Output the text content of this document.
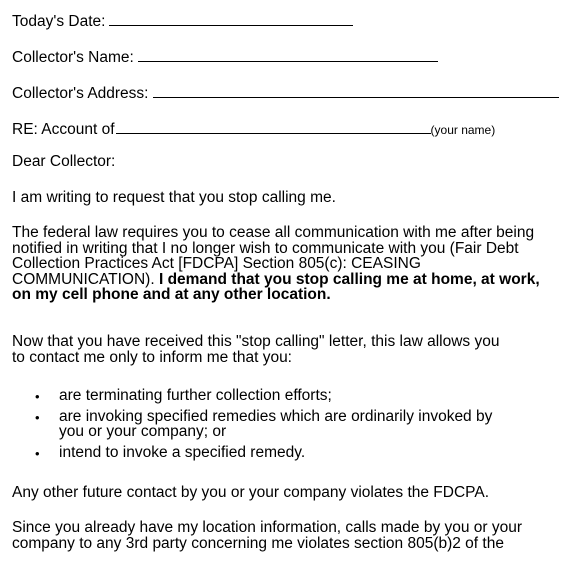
Today's Date:
Collector's Name:
Collector's Address:
RE: Account of	(your name)
Dear Collector:
I am writing to request that you stop calling me.
The federal law requires you to cease all communication with me after being
notified in writing that I no longer wish to communicate with you (Fair Debt
Collection Practices Act [FDCPA] Section 805(c): CEASING
COMMUNICATION). I demand that you stop calling me at home, at work,
on my cell phone and at any other location.
Now that you have received this "stop calling" letter, this law allows you
to contact me only to inform me that you:
• are terminating further collection efforts;
• are invoking specified remedies which are ordinarily invoked by
you or your company; or
• intend to invoke a specified remedy.
Any other future contact by you or your company violates the FDCPA.
Since you already have my location information, calls made by you or your
company to any 3rd party concerning me violates section 805(b)2 of the
